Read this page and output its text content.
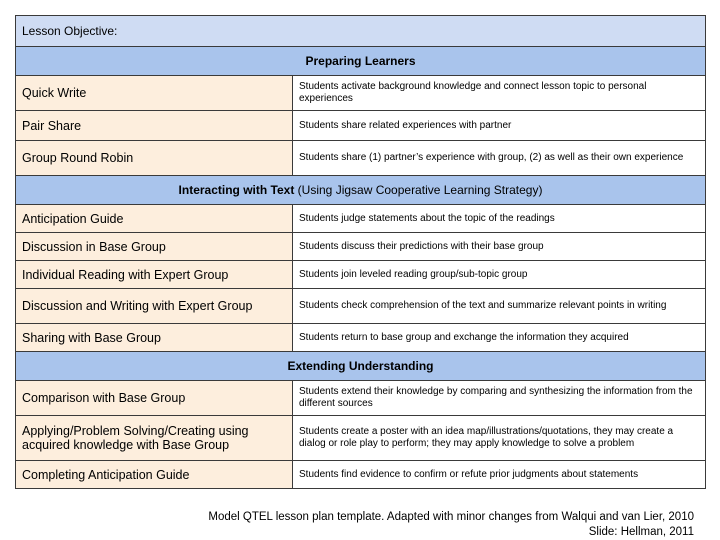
Lesson Objective:	
Preparing Learners	
Quick Write	Students activate background knowledge and connect lesson topic to personal experiences
Pair Share	Students share related experiences with partner
Group Round Robin	Students share (1) partner’s experience with group, (2) as well as their own experience
Interacting with Text (Using Jigsaw Cooperative Learning Strategy)	
Anticipation Guide	Students judge statements about the topic of the readings
Discussion in Base Group	Students discuss their predictions with their base group
Individual Reading with Expert Group	Students join leveled reading group/sub-topic group
Discussion and Writing with Expert Group	Students check comprehension of the text and summarize relevant points in writing
Sharing with Base Group	Students return to base group and exchange the information they acquired
Extending Understanding	
Comparison with Base Group	Students extend their knowledge by comparing and synthesizing the information from the different sources
Applying/Problem Solving/Creating using acquired knowledge with Base Group	Students create a poster with an idea map/illustrations/quotations, they may create a dialog or role play to perform; they may apply knowledge to solve a problem
Completing Anticipation Guide	Students find evidence to confirm or refute prior judgments about statements
Model QTEL lesson plan template. Adapted with minor changes from Walqui and van Lier, 2010
Slide: Hellman, 2011
